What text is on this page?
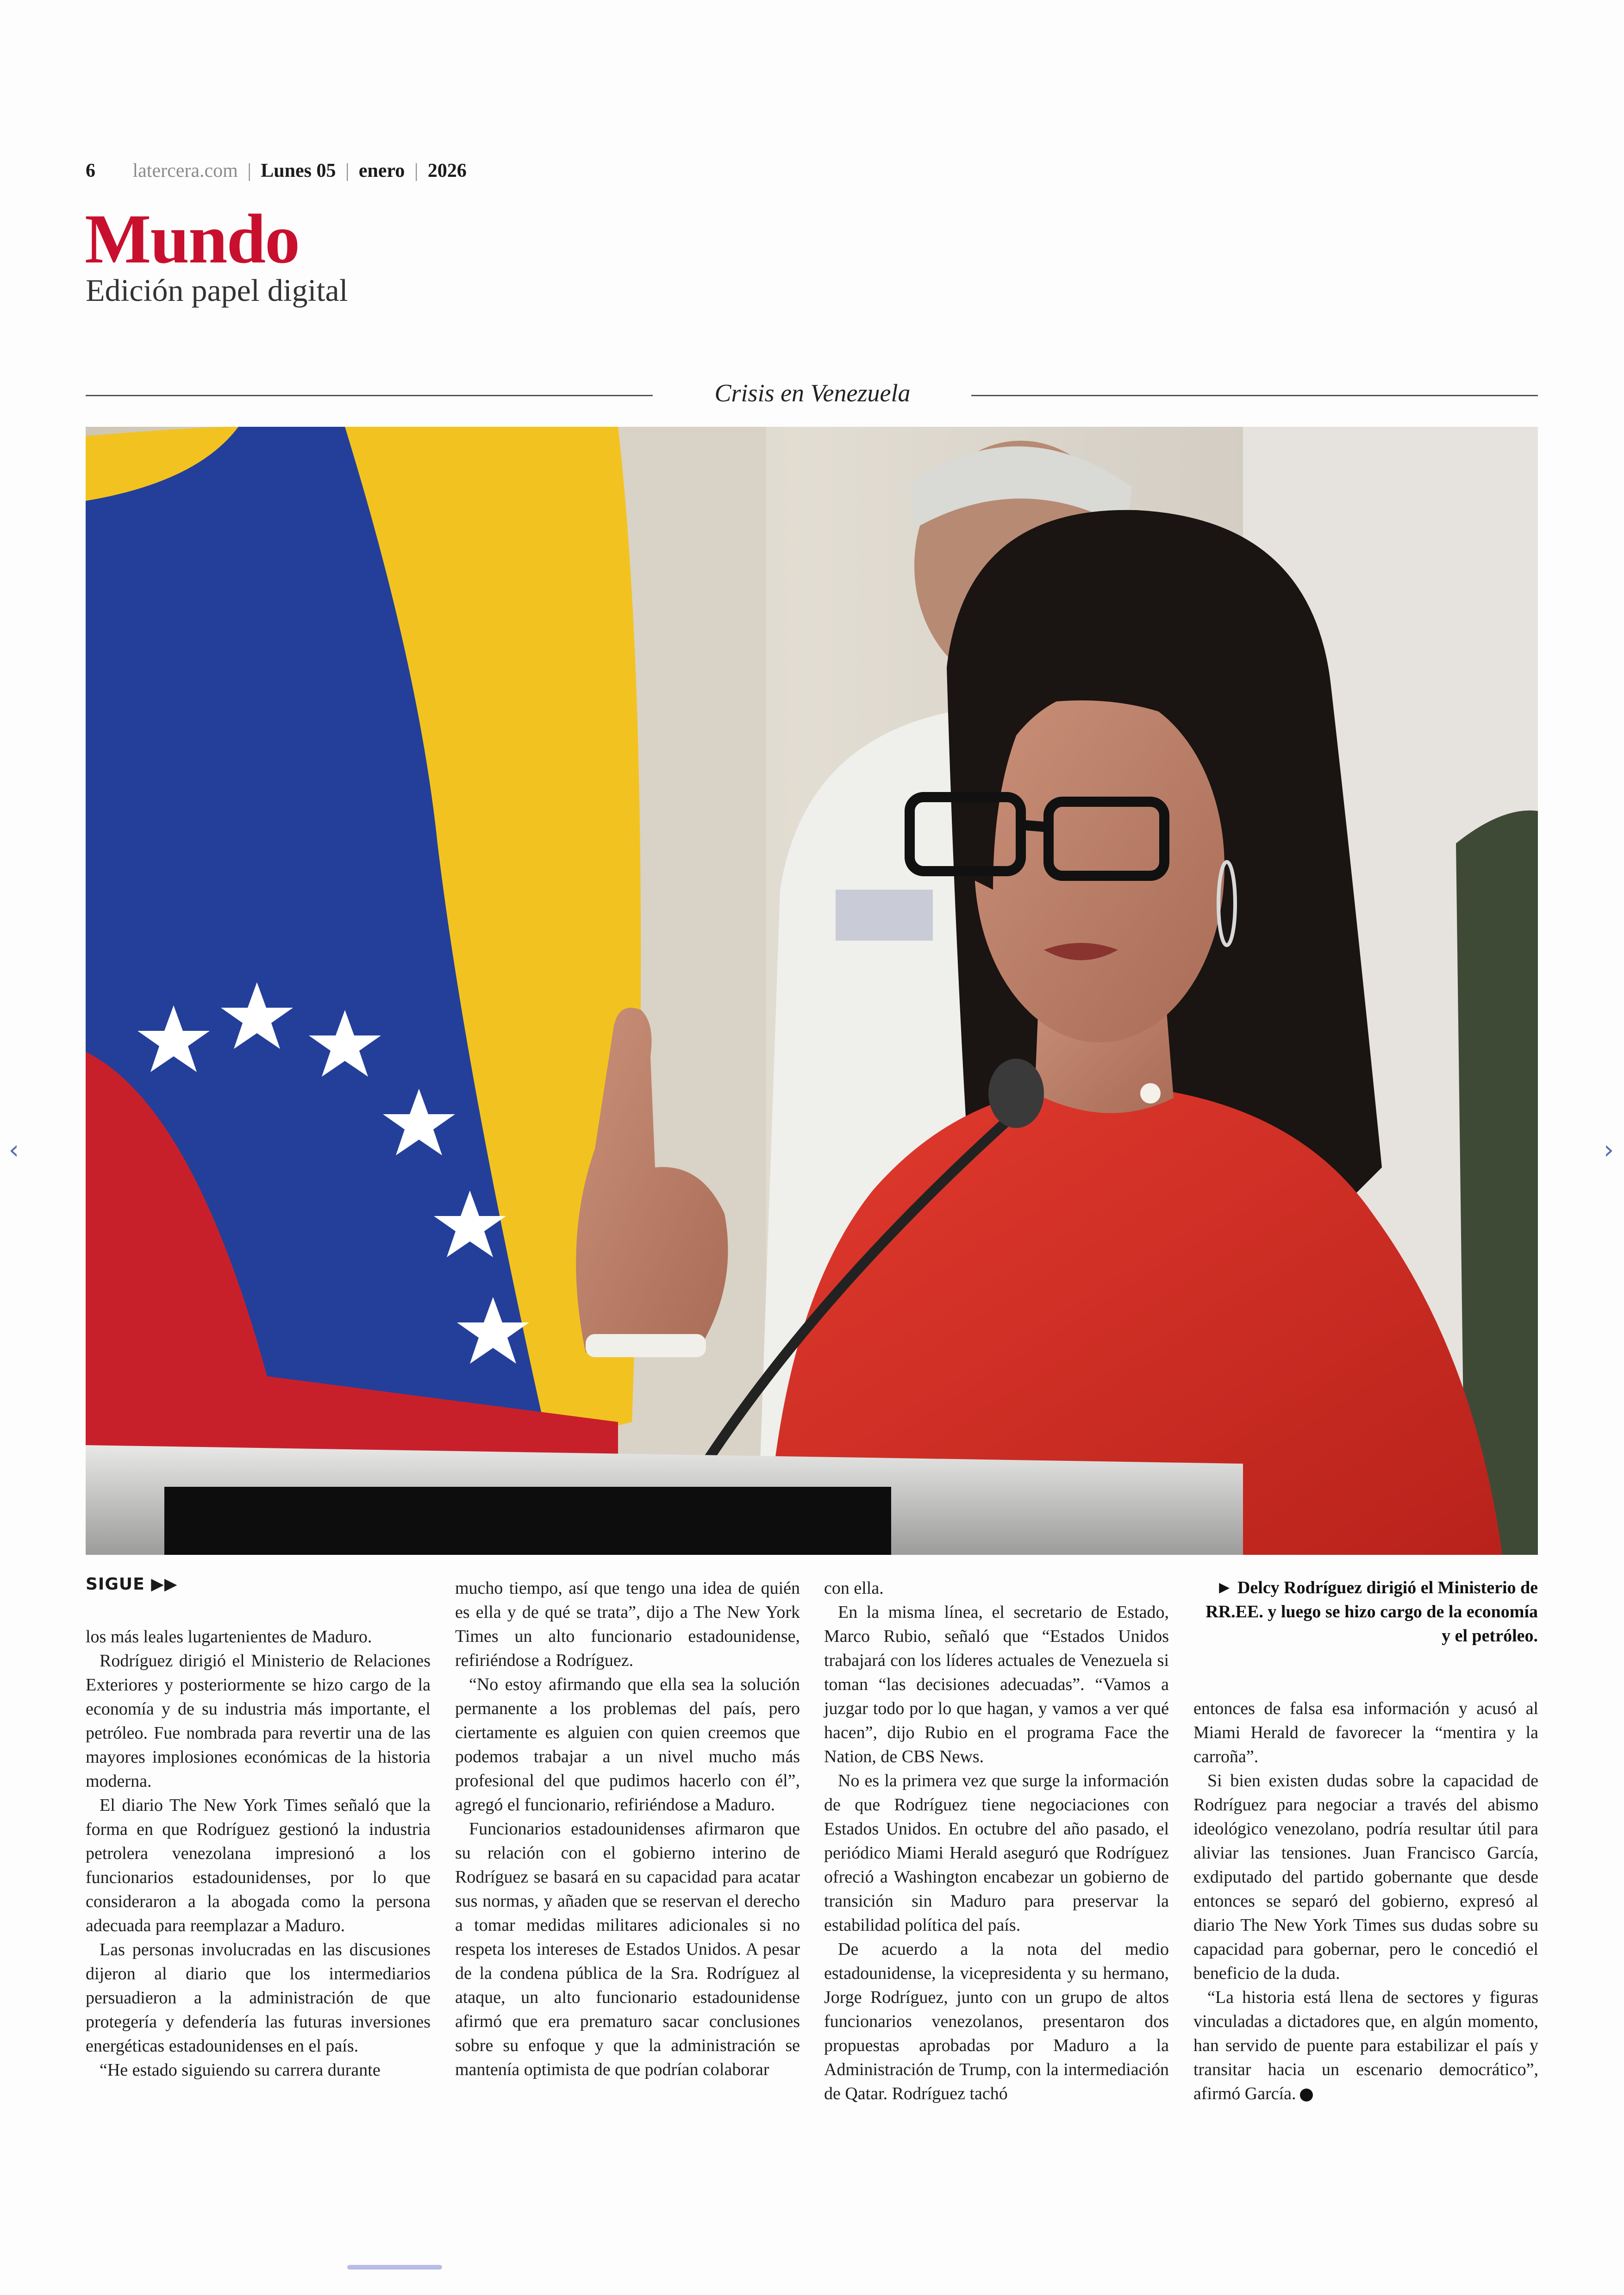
6 latercera.com | Lunes 05 | enero | 2026
Mundo
Edición papel digital
Crisis en Venezuela
‹	›
SIGUE ▶▶

los más leales lugartenientes de Maduro.

Rodríguez dirigió el Ministerio de Relaciones Exteriores y posteriormente se hizo cargo de la economía y de su industria más importante, el petróleo. Fue nombrada para revertir una de las mayores implosiones económicas de la historia moderna.

El diario The New York Times señaló que la forma en que Rodríguez gestionó la industria petrolera venezolana impresionó a los funcionarios estadounidenses, por lo que consideraron a la abogada como la persona adecuada para reemplazar a Maduro.

Las personas involucradas en las discusiones dijeron al diario que los intermediarios persuadieron a la administración de que protegería y defendería las futuras inversiones energéticas estadounidenses en el país.

“He estado siguiendo su carrera durante

mucho tiempo, así que tengo una idea de quién es ella y de qué se trata”, dijo a The New York Times un alto funcionario estadounidense, refiriéndose a Rodríguez.

“No estoy afirmando que ella sea la solución permanente a los problemas del país, pero ciertamente es alguien con quien creemos que podemos trabajar a un nivel mucho más profesional del que pudimos hacerlo con él”, agregó el funcionario, refiriéndose a Maduro.

Funcionarios estadounidenses afirmaron que su relación con el gobierno interino de Rodríguez se basará en su capacidad para acatar sus normas, y añaden que se reservan el derecho a tomar medidas militares adicionales si no respeta los intereses de Estados Unidos. A pesar de la condena pública de la Sra. Rodríguez al ataque, un alto funcionario estadounidense afirmó que era prematuro sacar conclusiones sobre su enfoque y que la administración se mantenía optimista de que podrían colaborar

con ella.

En la misma línea, el secretario de Estado, Marco Rubio, señaló que “Estados Unidos trabajará con los líderes actuales de Venezuela si toman “las decisiones adecuadas”. “Vamos a juzgar todo por lo que hagan, y vamos a ver qué hacen”, dijo Rubio en el programa Face the Nation, de CBS News.

No es la primera vez que surge la información de que Rodríguez tiene negociaciones con Estados Unidos. En octubre del año pasado, el periódico Miami Herald aseguró que Rodríguez ofreció a Washington encabezar un gobierno de transición sin Maduro para preservar la estabilidad política del país.

De acuerdo a la nota del medio estadounidense, la vicepresidenta y su hermano, Jorge Rodríguez, junto con un grupo de altos funcionarios venezolanos, presentaron dos propuestas aprobadas por Maduro a la Administración de Trump, con la intermediación de Qatar. Rodríguez tachó

► Delcy Rodríguez dirigió el Ministerio de RR.EE. y luego se hizo cargo de la economía y el petróleo.

entonces de falsa esa información y acusó al Miami Herald de favorecer la “mentira y la carroña”.

Si bien existen dudas sobre la capacidad de Rodríguez para negociar a través del abismo ideológico venezolano, podría resultar útil para aliviar las tensiones. Juan Francisco García, exdiputado del partido gobernante que desde entonces se separó del gobierno, expresó al diario The New York Times sus dudas sobre su capacidad para gobernar, pero le concedió el beneficio de la duda.

“La historia está llena de sectores y figuras vinculadas a dictadores que, en algún momento, han servido de puente para estabilizar el país y transitar hacia un escenario democrático”, afirmó García.
